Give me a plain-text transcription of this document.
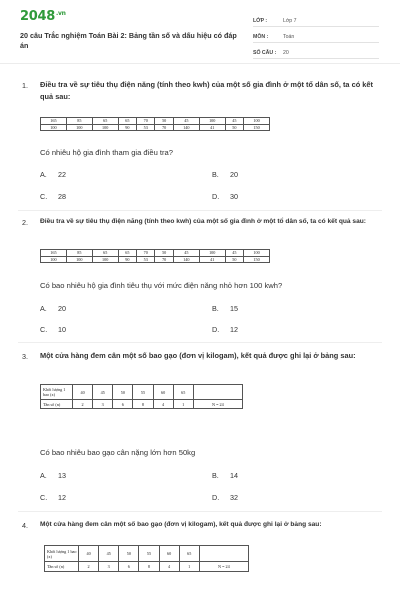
$2048^{.vn}$
20 câu Trắc nghiệm Toán Bài 2: Bảng tần số và dấu hiệu có đáp án
LỚP :	Lớp 7
MÔN :	Toán
SỐ CÂU :	20
1. Điều tra về sự tiêu thụ điện năng (tính theo kwh) của một số gia đình ở một tổ dân số, ta có kết quả sau:
165	85	65	65	70	50	45	100	45	100
100	100	100	90	53	70	140	41	50	150
Có nhiêu hộ gia đình tham gia điều tra?
A. 22	B. 20
C. 28	D. 30
2. Điều tra về sự tiêu thụ điện năng (tính theo kwh) của một số gia đình ở một tổ dân số, ta có kết quả sau:
165	85	65	65	70	50	45	100	45	100
100	100	100	90	53	70	140	41	50	150
Có bao nhiêu hộ gia đình tiêu thụ với mức điện năng nhỏ hơn 100 kwh?
A. 20	B. 15
C. 10	D. 12
3. Một cửa hàng đem cân một số bao gạo (đơn vị kilogam), kết quả được ghi lại ở bảng sau:
Khối lượng 1 bao (x)	40	45	50	55	60	65	
Tần số (n)	2	3	6	8	4	1	N = 24
Có bao nhiêu bao gạo cân nặng lớn hơn 50kg
A. 13	B. 14
C. 12	D. 32
4. Một cửa hàng đem cân một số bao gạo (đơn vị kilogam), kết quả được ghi lại ở bảng sau:
Khối lượng 1 bao (x)	40	45	50	55	60	65	
Tần số (n)	2	3	6	8	4	1	N = 24
